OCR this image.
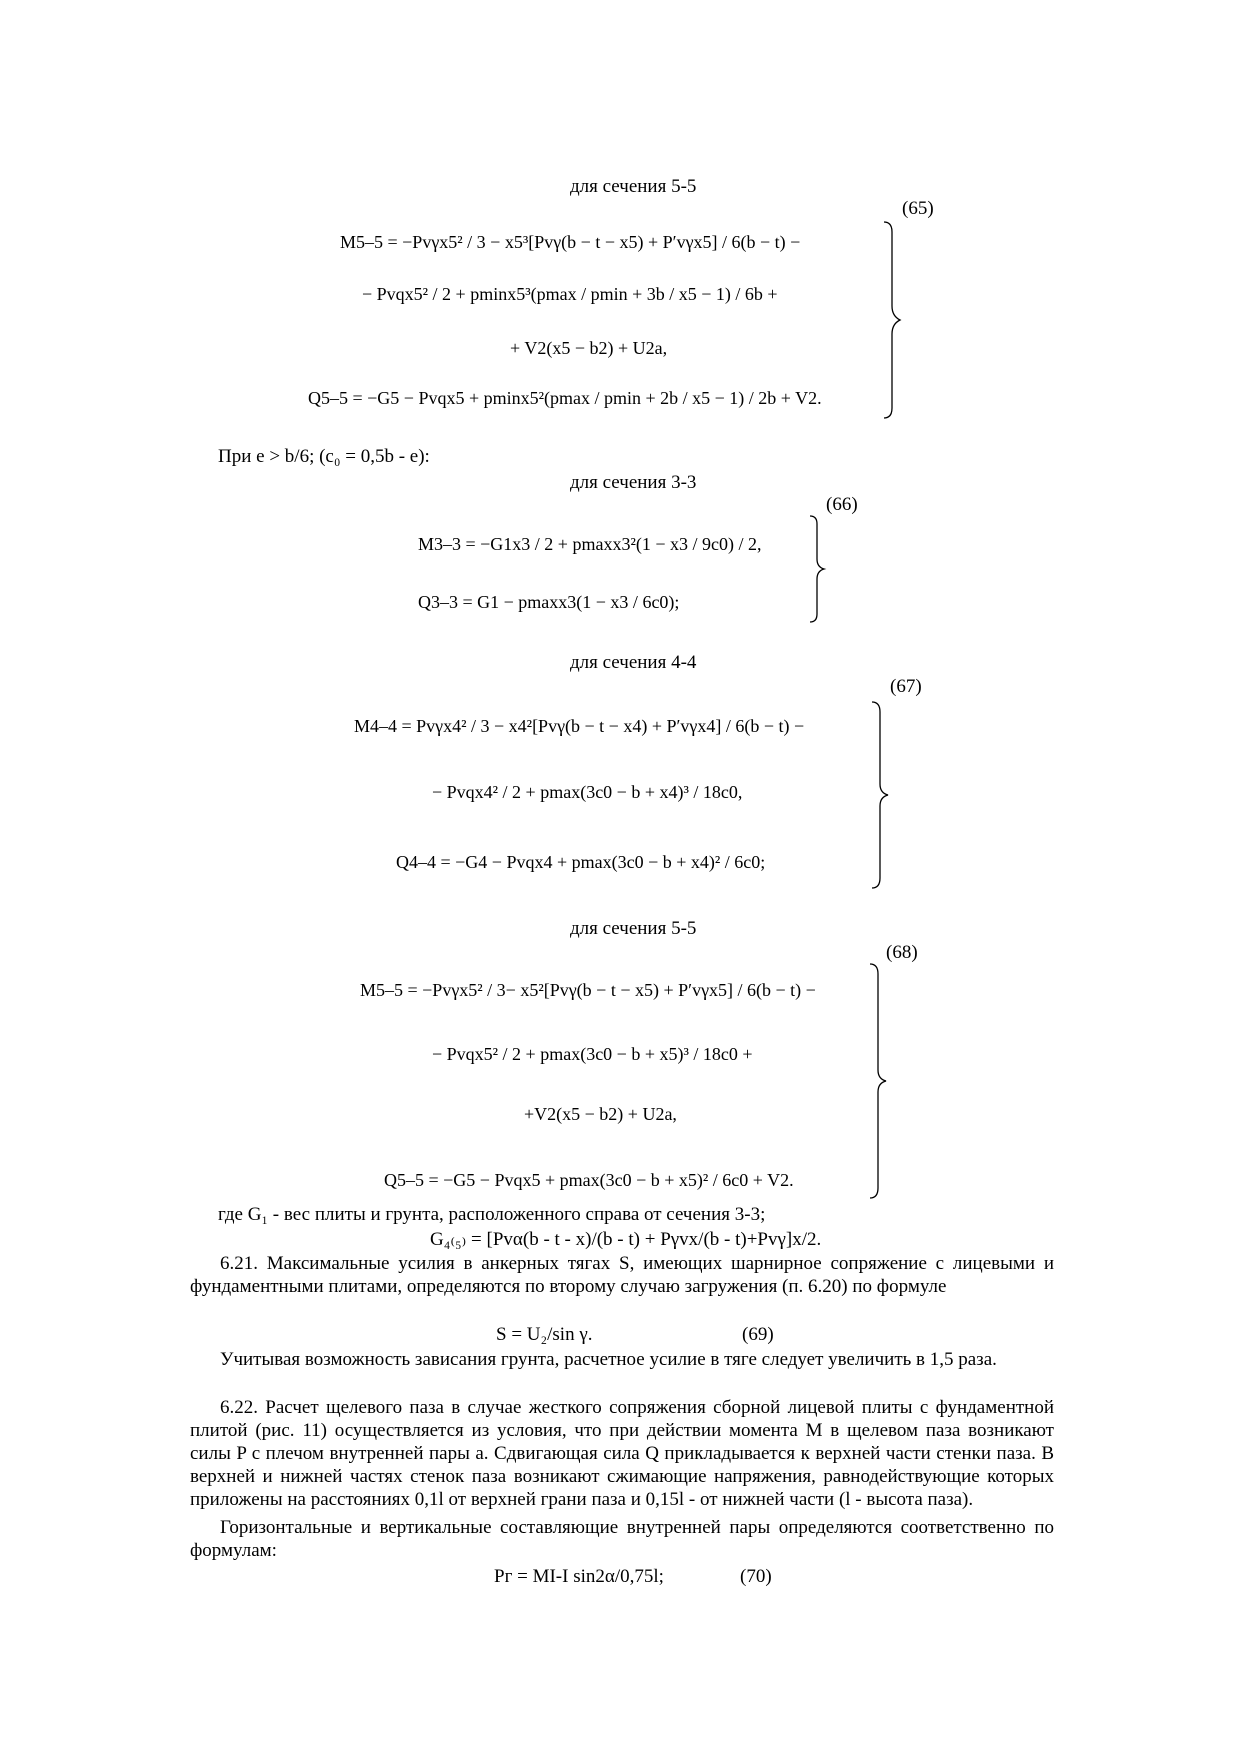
для сечения 5-5
(65)
M5–5 = −Pvγx5² / 3 − x5³[Pvγ(b − t − x5) + P′vγx5] / 6(b − t) −
− Pvqx5² / 2 + pminx5³(pmax / pmin + 3b / x5 − 1) / 6b +
+ V2(x5 − b2) + U2a,
Q5–5 = −G5 − Pvqx5 + pminx5²(pmax / pmin + 2b / x5 − 1) / 2b + V2.
При e > b/6; (c₀ = 0,5b - e):
для сечения 3-3
(66)
M3–3 = −G1x3 / 2 + pmaxx3²(1 − x3 / 9c0) / 2,
Q3–3 = G1 − pmaxx3(1 − x3 / 6c0);
для сечения 4-4
(67)
M4–4 = Pvγx4² / 3 − x4²[Pvγ(b − t − x4) + P′vγx4] / 6(b − t) −
− Pvqx4² / 2 + pmax(3c0 − b + x4)³ / 18c0,
Q4–4 = −G4 − Pvqx4 + pmax(3c0 − b + x4)² / 6c0;
для сечения 5-5
(68)
M5–5 = −Pvγx5² / 3− x5²[Pvγ(b − t − x5) + P′vγx5] / 6(b − t) −
− Pvqx5² / 2 + pmax(3c0 − b + x5)³ / 18c0 +
+V2(x5 − b2) + U2a,
Q5–5 = −G5 − Pvqx5 + pmax(3c0 − b + x5)² / 6c0 + V2.
где G₁ - вес плиты и грунта, расположенного справа от сечения 3-3;
G₄₍₅₎ = [Pvα(b - t - x)/(b - t) + Pγvx/(b - t)+Pvγ]x/2.
6.21. Максимальные усилия в анкерных тягах S, имеющих шарнирное сопряжение с лицевыми и фундаментными плитами, определяются по второму случаю загружения (п. 6.20) по формуле
S = U₂/sin γ.	(69)
Учитывая возможность зависания грунта, расчетное усилие в тяге следует увеличить в 1,5 раза.
6.22. Расчет щелевого паза в случае жесткого сопряжения сборной лицевой плиты с фундаментной плитой (рис. 11) осуществляется из условия, что при действии момента M в щелевом паза возникают силы P с плечом внутренней пары a. Сдвигающая сила Q прикладывается к верхней части стенки паза. В верхней и нижней частях стенок паза возникают сжимающие напряжения, равнодействующие которых приложены на расстояниях 0,1l от верхней грани паза и 0,15l - от нижней части (l - высота паза).
Горизонтальные и вертикальные составляющие внутренней пары определяются соответственно по формулам:
Pг = MI-I sin2α/0,75l;	(70)
